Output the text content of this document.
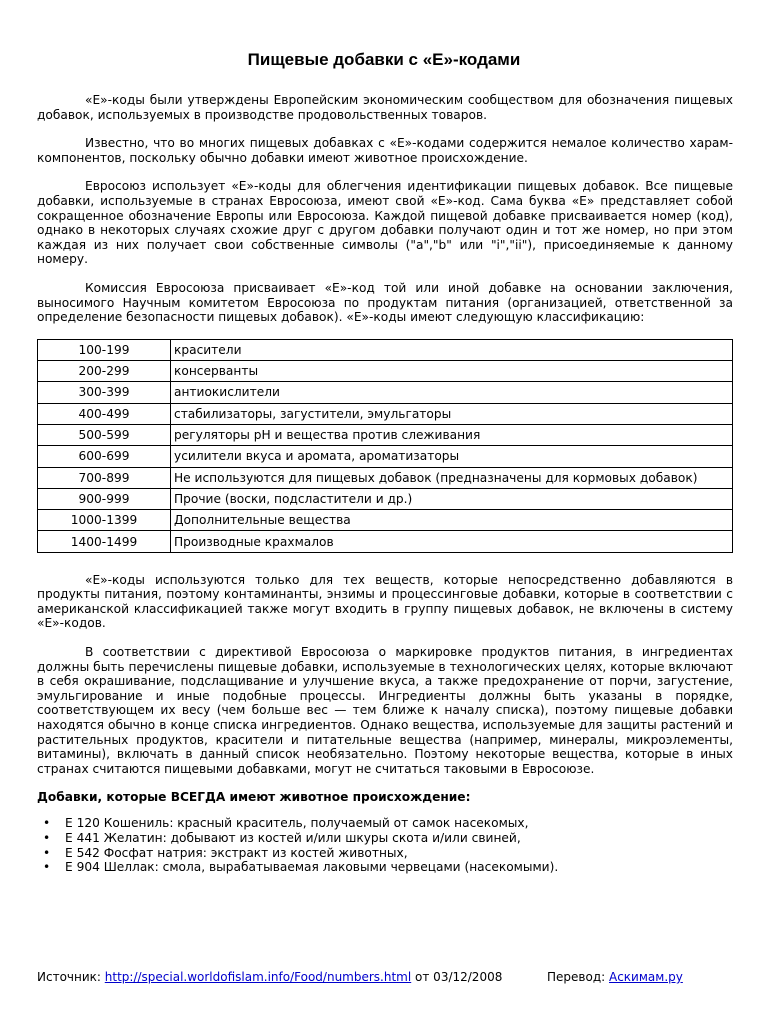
Пищевые добавки с «Е»-кодами

«Е»-коды были утверждены Европейским экономическим сообществом для обозначения пищевых добавок, используемых в производстве продовольственных товаров.

Известно, что во многих пищевых добавках с «Е»-кодами содержится немалое количество харам-компонентов, поскольку обычно добавки имеют животное происхождение.

Евросоюз использует «Е»-коды для облегчения идентификации пищевых добавок. Все пищевые добавки, используемые в странах Евросоюза, имеют свой «Е»-код. Сама буква «Е» представляет собой сокращенное обозначение Европы или Евросоюза. Каждой пищевой добавке присваивается номер (код), однако в некоторых случаях схожие друг с другом добавки получают один и тот же номер, но при этом каждая из них получает свои собственные символы ("a","b" или "i","ii"), присоединяемые к данному номеру.

Комиссия Евросоюза присваивает «Е»-код той или иной добавке на основании заключения, выносимого Научным комитетом Евросоюза по продуктам питания (организацией, ответственной за определение безопасности пищевых добавок). «Е»-коды имеют следующую классификацию:

100-199	красители
200-299	консерванты
300-399	антиокислители
400-499	стабилизаторы, загустители, эмульгаторы
500-599	регуляторы pH и вещества против слеживания
600-699	усилители вкуса и аромата, ароматизаторы
700-899	Не используются для пищевых добавок (предназначены для кормовых добавок)
900-999	Прочие (воски, подсластители и др.)
1000-1399	Дополнительные вещества
1400-1499	Производные крахмалов

«Е»-коды используются только для тех веществ, которые непосредственно добавляются в продукты питания, поэтому контаминанты, энзимы и процессинговые добавки, которые в соответствии с американской классификацией также могут входить в группу пищевых добавок, не включены в систему «Е»-кодов.

В соответствии с директивой Евросоюза о маркировке продуктов питания, в ингредиентах должны быть перечислены пищевые добавки, используемые в технологических целях, которые включают в себя окрашивание, подслащивание и улучшение вкуса, а также предохранение от порчи, загустение, эмульгирование и иные подобные процессы. Ингредиенты должны быть указаны в порядке, соответствующем их весу (чем больше вес — тем ближе к началу списка), поэтому пищевые добавки находятся обычно в конце списка ингредиентов. Однако вещества, используемые для защиты растений и растительных продуктов, красители и питательные вещества (например, минералы, микроэлементы, витамины), включать в данный список необязательно. Поэтому некоторые вещества, которые в иных странах считаются пищевыми добавками, могут не считаться таковыми в Евросоюзе.

Добавки, которые ВСЕГДА имеют животное происхождение:
• Е 120 Кошениль: красный краситель, получаемый от самок насекомых,
• Е 441 Желатин: добывают из костей и/или шкуры скота и/или свиней,
• Е 542 Фосфат натрия: экстракт из костей животных,
• Е 904 Шеллак: смола, вырабатываемая лаковыми червецами (насекомыми).
Источник: http://special.worldofislam.info/Food/numbers.html от 03/12/2008	Перевод: Аскимам.ру
